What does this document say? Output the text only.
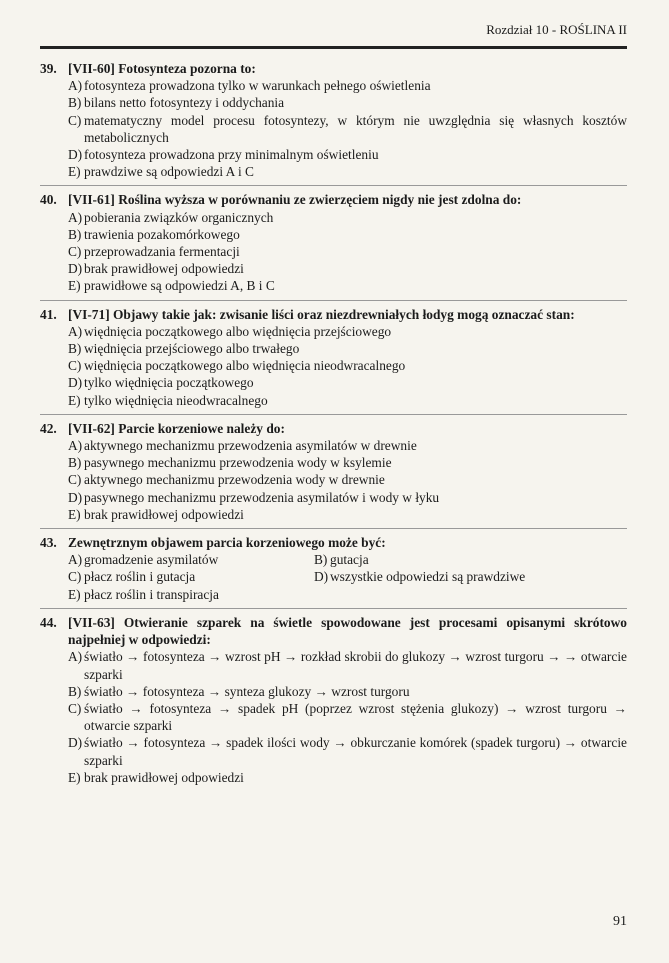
Rozdział 10 - ROŚLINA II
39. [VII-60] Fotosynteza pozorna to:
A) fotosynteza prowadzona tylko w warunkach pełnego oświetlenia
B) bilans netto fotosyntezy i oddychania
C) matematyczny model procesu fotosyntezy, w którym nie uwzględnia się własnych kosztów metabolicznych
D) fotosynteza prowadzona przy minimalnym oświetleniu
E) prawdziwe są odpowiedzi A i C
40. [VII-61] Roślina wyższa w porównaniu ze zwierzęciem nigdy nie jest zdolna do:
A) pobierania związków organicznych
B) trawienia pozakomórkowego
C) przeprowadzania fermentacji
D) brak prawidłowej odpowiedzi
E) prawidłowe są odpowiedzi A, B i C
41. [VI-71] Objawy takie jak: zwisanie liści oraz niezdrewniałych łodyg mogą oznaczać stan:
A) więdnięcia początkowego albo więdnięcia przejściowego
B) więdnięcia przejściowego albo trwałego
C) więdnięcia początkowego albo więdnięcia nieodwracalnego
D) tylko więdnięcia początkowego
E) tylko więdnięcia nieodwracalnego
42. [VII-62] Parcie korzeniowe należy do:
A) aktywnego mechanizmu przewodzenia asymilatów w drewnie
B) pasywnego mechanizmu przewodzenia wody w ksylemie
C) aktywnego mechanizmu przewodzenia wody w drewnie
D) pasywnego mechanizmu przewodzenia asymilatów i wody w łyku
E) brak prawidłowej odpowiedzi
43. Zewnętrznym objawem parcia korzeniowego może być:
A) gromadzenie asymilatów	B) gutacja
C) płacz roślin i gutacja	D) wszystkie odpowiedzi są prawdziwe
E) płacz roślin i transpiracja
44. [VII-63] Otwieranie szparek na świetle spowodowane jest procesami opisanymi skrótowo najpełniej w odpowiedzi:
A) światło → fotosynteza → wzrost pH → rozkład skrobii do glukozy → wzrost turgoru → → otwarcie szparki
B) światło → fotosynteza → synteza glukozy → wzrost turgoru
C) światło → fotosynteza → spadek pH (poprzez wzrost stężenia glukozy) → wzrost turgoru → otwarcie szparki
D) światło → fotosynteza → spadek ilości wody → obkurczanie komórek (spadek turgoru) → otwarcie szparki
E) brak prawidłowej odpowiedzi
91
